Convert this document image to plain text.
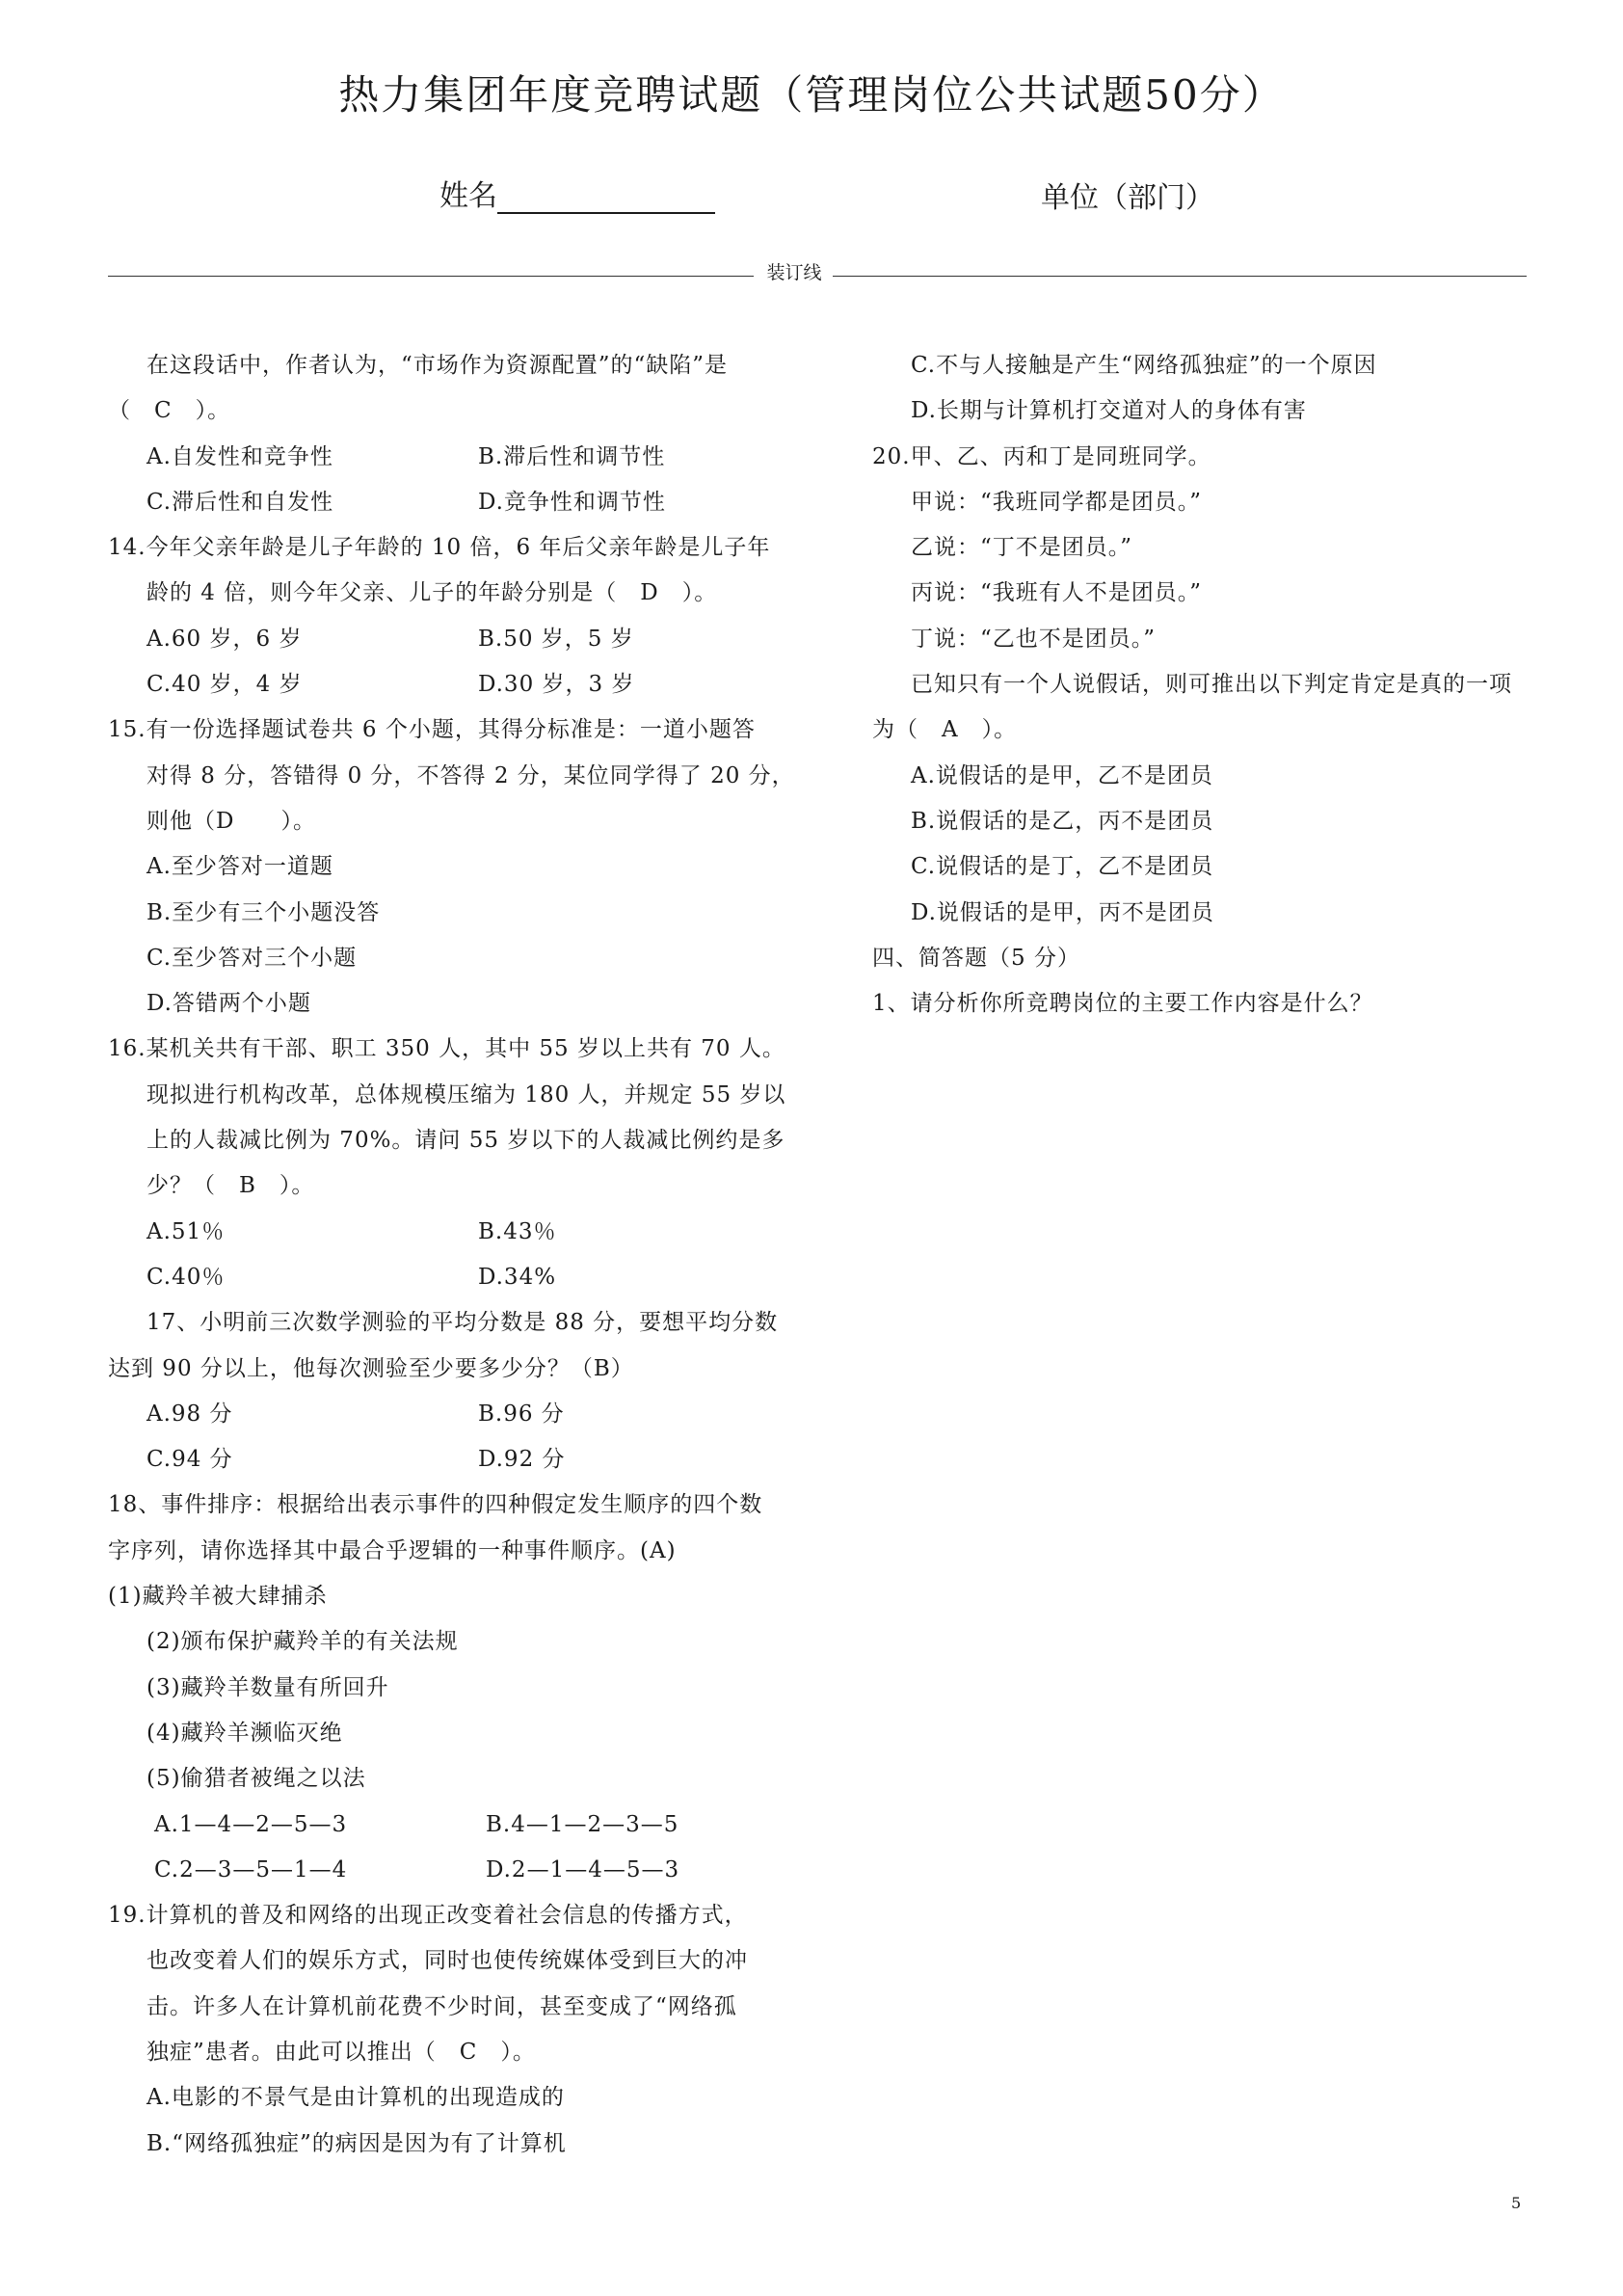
热力集团年度竞聘试题（管理岗位公共试题50分）
姓名	单位（部门）
装订线
在这段话中，作者认为，“市场作为资源配置”的“缺陷”是
（　C　）。
A.自发性和竞争性	B.滞后性和调节性
C.滞后性和自发性	D.竞争性和调节性
14.今年父亲年龄是儿子年龄的 10 倍，6 年后父亲年龄是儿子年
龄的 4 倍，则今年父亲、儿子的年龄分别是（　D　）。
A.60 岁，6 岁	B.50 岁，5 岁
C.40 岁，4 岁	D.30 岁，3 岁
15.有一份选择题试卷共 6 个小题，其得分标准是：一道小题答
对得 8 分，答错得 0 分，不答得 2 分，某位同学得了 20 分，
则他（D　　）。
A.至少答对一道题
B.至少有三个小题没答
C.至少答对三个小题
D.答错两个小题
16.某机关共有干部、职工 350 人，其中 55 岁以上共有 70 人。
现拟进行机构改革，总体规模压缩为 180 人，并规定 55 岁以
上的人裁减比例为 70%。请问 55 岁以下的人裁减比例约是多
少？（　B　）。
A.51％	B.43％
C.40％	D.34%
17、小明前三次数学测验的平均分数是 88 分，要想平均分数
达到 90 分以上，他每次测验至少要多少分？（B）
A.98 分	B.96 分
C.94 分	D.92 分
18、事件排序：根据给出表示事件的四种假定发生顺序的四个数
字序列，请你选择其中最合乎逻辑的一种事件顺序。(A)
(1)藏羚羊被大肆捕杀
(2)颁布保护藏羚羊的有关法规
(3)藏羚羊数量有所回升
(4)藏羚羊濒临灭绝
(5)偷猎者被绳之以法
A.1—4—2—5—3	B.4—1—2—3—5
C.2—3—5—1—4	D.2—1—4—5—3
19.计算机的普及和网络的出现正改变着社会信息的传播方式，
也改变着人们的娱乐方式，同时也使传统媒体受到巨大的冲
击。许多人在计算机前花费不少时间，甚至变成了“网络孤
独症”患者。由此可以推出（　C　）。
A.电影的不景气是由计算机的出现造成的
B.“网络孤独症”的病因是因为有了计算机
C.不与人接触是产生“网络孤独症”的一个原因
D.长期与计算机打交道对人的身体有害
20.甲、乙、丙和丁是同班同学。
甲说：“我班同学都是团员。”
乙说：“丁不是团员。”
丙说：“我班有人不是团员。”
丁说：“乙也不是团员。”
已知只有一个人说假话，则可推出以下判定肯定是真的一项
为（　A　）。
A.说假话的是甲，乙不是团员
B.说假话的是乙，丙不是团员
C.说假话的是丁，乙不是团员
D.说假话的是甲，丙不是团员
四、简答题（5 分）
1、请分析你所竞聘岗位的主要工作内容是什么？
5
